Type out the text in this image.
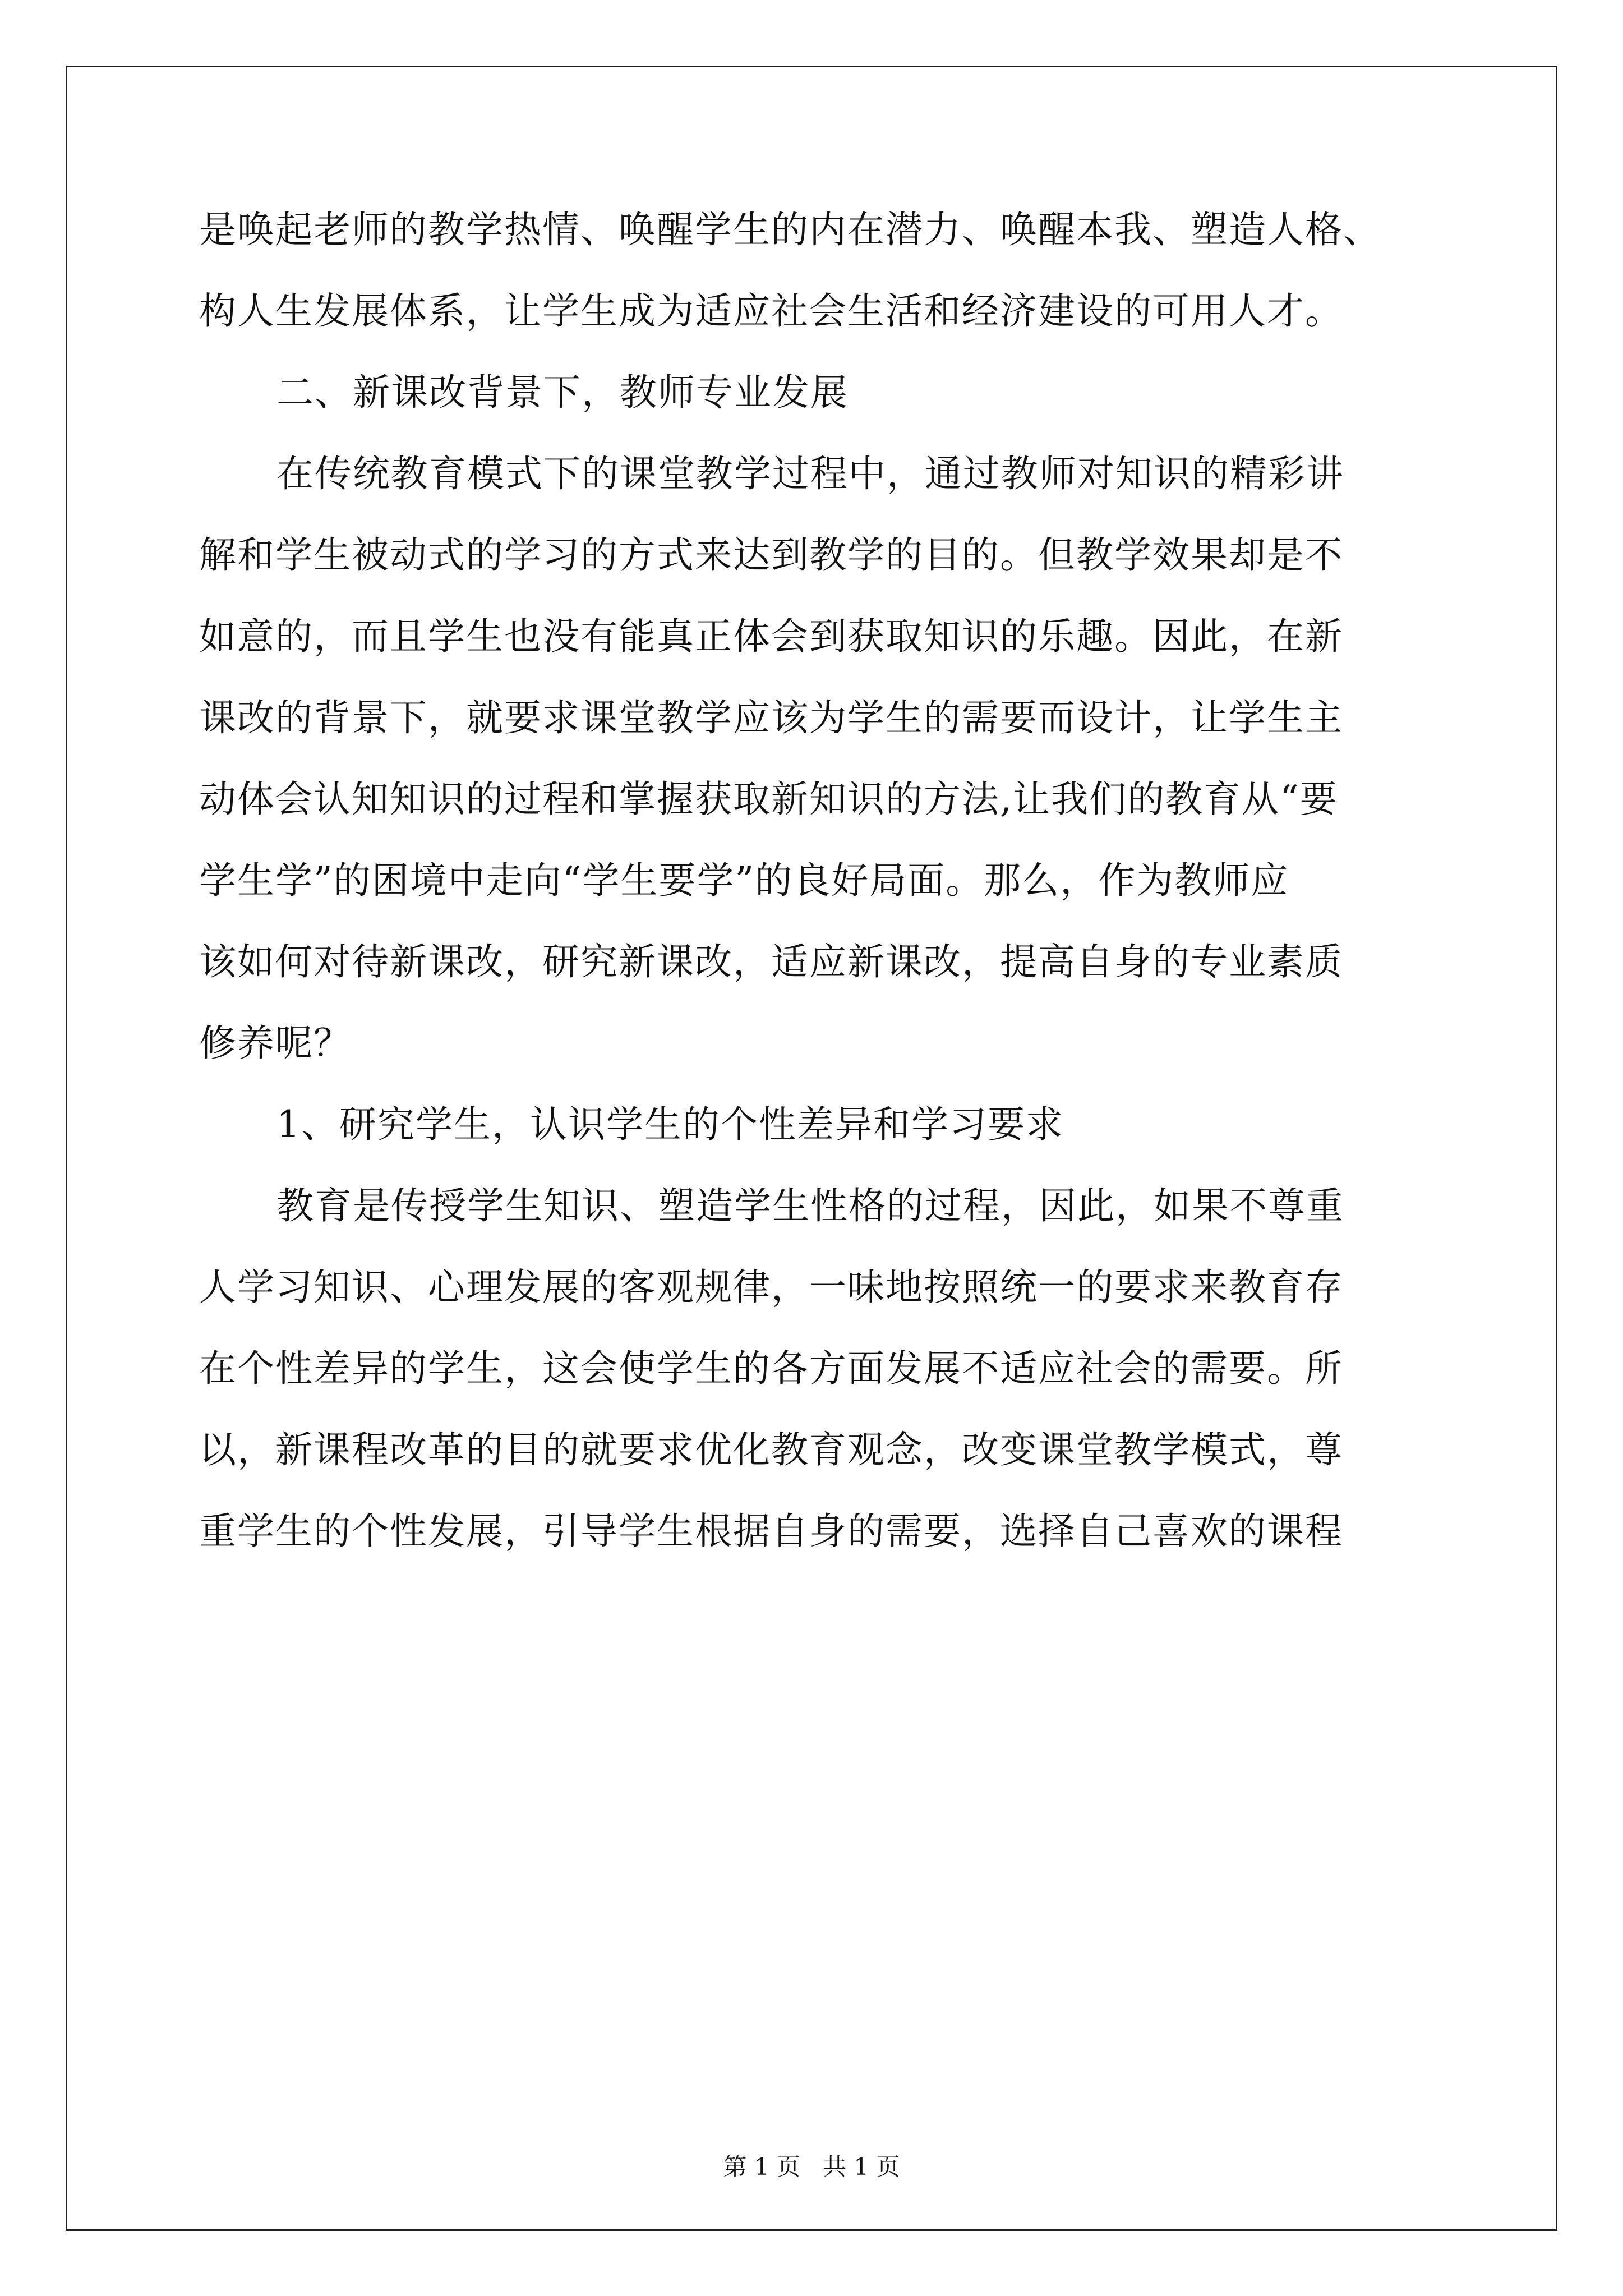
是唤起老师的教学热情、唤醒学生的内在潜力、唤醒本我、塑造人格、
构人生发展体系，让学生成为适应社会生活和经济建设的可用人才。
二、新课改背景下，教师专业发展
在传统教育模式下的课堂教学过程中，通过教师对知识的精彩讲
解和学生被动式的学习的方式来达到教学的目的。但教学效果却是不
如意的，而且学生也没有能真正体会到获取知识的乐趣。因此，在新
课改的背景下，就要求课堂教学应该为学生的需要而设计，让学生主
动体会认知知识的过程和掌握获取新知识的方法,让我们的教育从“要
学生学”的困境中走向“学生要学”的良好局面。那么，作为教师应
该如何对待新课改，研究新课改，适应新课改，提高自身的专业素质
修养呢？
1、研究学生，认识学生的个性差异和学习要求
教育是传授学生知识、塑造学生性格的过程，因此，如果不尊重
人学习知识、心理发展的客观规律，一味地按照统一的要求来教育存
在个性差异的学生，这会使学生的各方面发展不适应社会的需要。所
以，新课程改革的目的就要求优化教育观念，改变课堂教学模式，尊
重学生的个性发展，引导学生根据自身的需要，选择自己喜欢的课程
第 1 页   共 1 页
